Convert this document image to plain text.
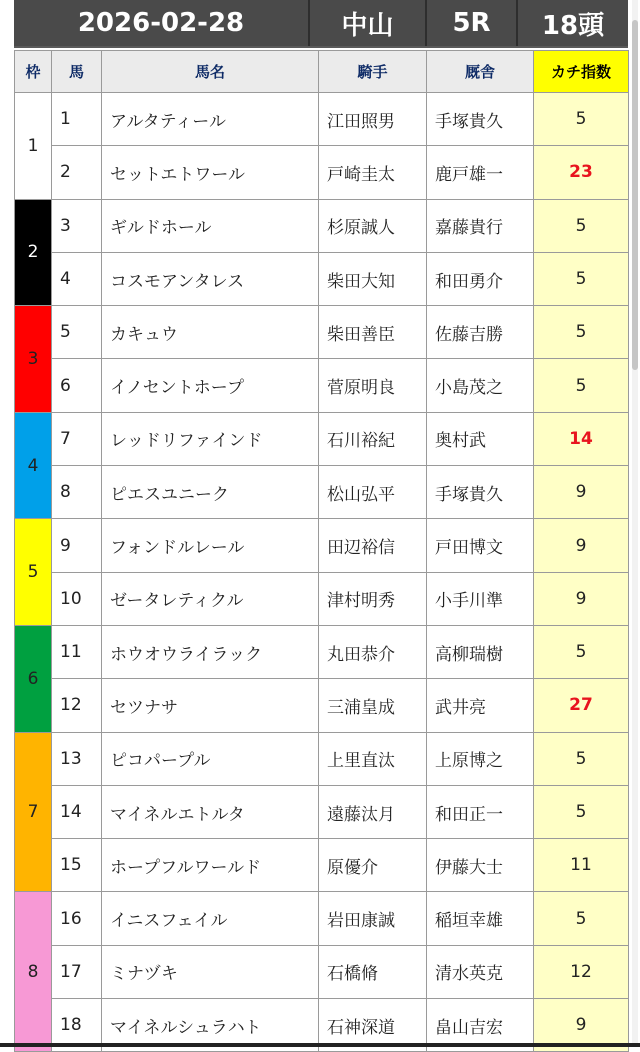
2026-02-28	中山	5R	18頭
枠	馬	馬名	騎手	厩舎	カチ指数
1	1	アルタティール	江田照男	手塚貴久	5
	2	セットエトワール	戸崎圭太	鹿戸雄一	23
2	3	ギルドホール	杉原誠人	嘉藤貴行	5
	4	コスモアンタレス	柴田大知	和田勇介	5
3	5	カキュウ	柴田善臣	佐藤吉勝	5
	6	イノセントホープ	菅原明良	小島茂之	5
4	7	レッドリファインド	石川裕紀	奥村武	14
	8	ピエスユニーク	松山弘平	手塚貴久	9
5	9	フォンドルレール	田辺裕信	戸田博文	9
	10	ゼータレティクル	津村明秀	小手川準	9
6	11	ホウオウライラック	丸田恭介	高柳瑞樹	5
	12	セツナサ	三浦皇成	武井亮	27
7	13	ピコパープル	上里直汰	上原博之	5
	14	マイネルエトルタ	遠藤汰月	和田正一	5
	15	ホープフルワールド	原優介	伊藤大士	11
8	16	イニスフェイル	岩田康誠	稲垣幸雄	5
	17	ミナヅキ	石橋脩	清水英克	12
	18	マイネルシュラハト	石神深道	畠山吉宏	9
